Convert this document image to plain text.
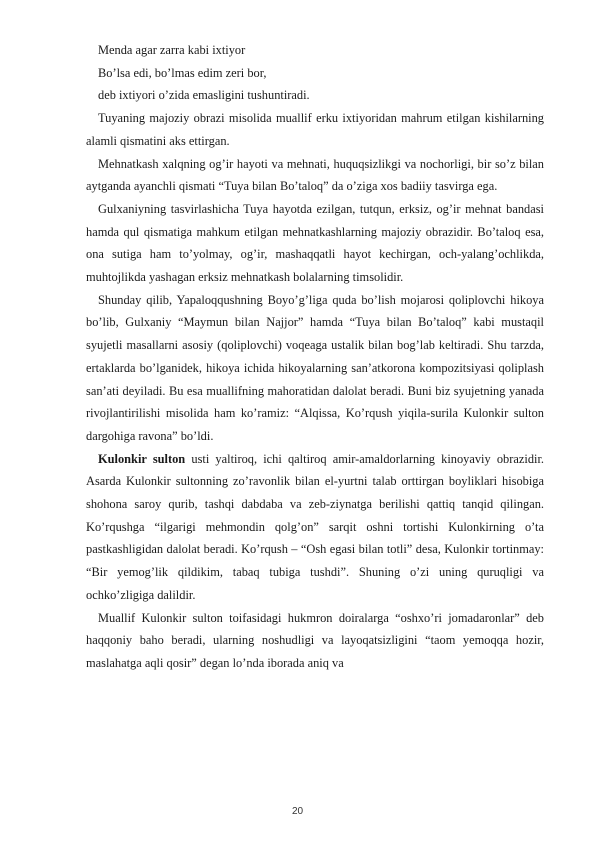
Menda agar zarra kabi ixtiyor

Bo’lsa edi, bo’lmas edim zeri bor,

deb ixtiyori o’zida emasligini tushuntiradi.

Tuyaning majoziy obrazi misolida muallif erku ixtiyoridan mahrum etilgan kishilarning alamli qismatini aks ettirgan.

Mehnatkash xalqning og’ir hayoti va mehnati, huquqsizlikgi va nochorligi, bir so’z bilan aytganda ayanchli qismati “Tuya bilan Bo’taloq” da o’ziga xos badiiy tasvirga ega.

Gulxaniyning tasvirlashicha Tuya hayotda ezilgan, tutqun, erksiz, og’ir mehnat bandasi hamda qul qismatiga mahkum etilgan mehnatkashlarning majoziy obrazidir. Bo’taloq esa, ona sutiga ham to’yolmay, og’ir, mashaqqatli hayot kechirgan, och-yalang’ochlikda, muhtojlikda yashagan erksiz mehnatkash bolalarning timsolidir.

Shunday qilib, Yapaloqqushning Boyo’g’liga quda bo’lish mojarosi qoliplovchi hikoya bo’lib, Gulxaniy “Maymun bilan Najjor” hamda “Tuya bilan Bo’taloq” kabi mustaqil syujetli masallarni asosiy (qoliplovchi) voqeaga ustalik bilan bog’lab keltiradi. Shu tarzda, ertaklarda bo’lganidek, hikoya ichida hikoyalarning san’atkorona kompozitsiyasi qoliplash san’ati deyiladi. Bu esa muallifning mahoratidan dalolat beradi. Buni biz syujetning yanada rivojlantirilishi misolida ham ko’ramiz: “Alqissa, Ko’rqush yiqila-surila Kulonkir sulton dargohiga ravona” bo’ldi.

Kulonkir sulton usti yaltiroq, ichi qaltiroq amir-amaldorlarning kinoyaviy obrazidir. Asarda Kulonkir sultonning zo’ravonlik bilan el-yurtni talab orttirgan boyliklari hisobiga shohona saroy qurib, tashqi dabdaba va zeb-ziynatga berilishi qattiq tanqid qilingan. Ko’rqushga “ilgarigi mehmondin qolg’on” sarqit oshni tortishi Kulonkirning o’ta pastkashligidan dalolat beradi. Ko’rqush – “Osh egasi bilan totli” desa, Kulonkir tortinmay: “Bir yemog’lik qildikim, tabaq tubiga tushdi”. Shuning o’zi uning quruqligi va ochko’zligiga dalildir.

Muallif Kulonkir sulton toifasidagi hukmron doiralarga “oshxo’ri jomadaronlar” deb haqqoniy baho beradi, ularning noshudligi va layoqatsizligini “taom yemoqqa hozir, maslahatga aqli qosir” degan lo’nda iborada aniq va

20
